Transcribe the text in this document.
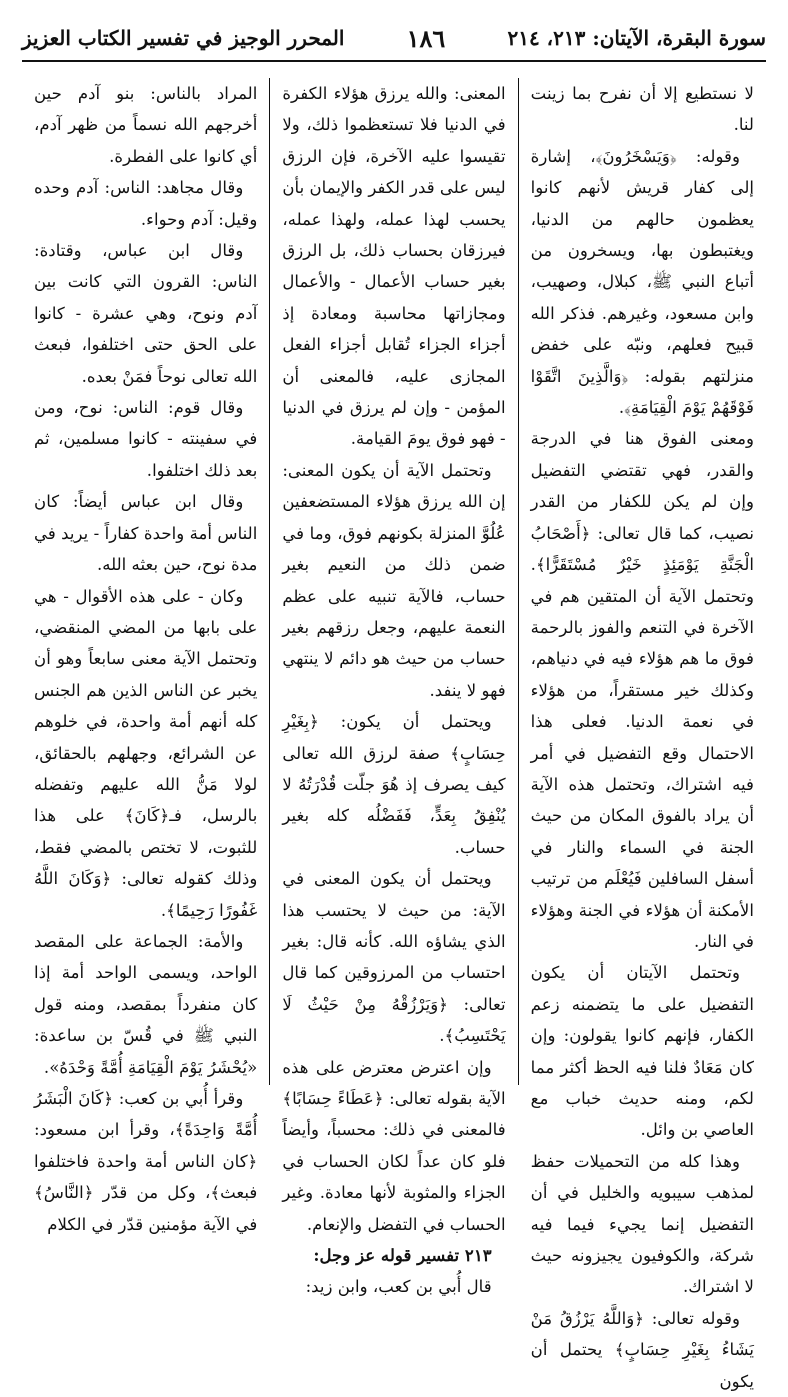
سورة البقرة، الآيتان: ٢١٣، ٢١٤
١٨٦
المحرر الوجيز في تفسير الكتاب العزيز

لا نستطيع إلا أن نفرح بما زينت لنا.

وقوله: ﴿وَيَسْخَرُونَ﴾، إشارة إلى كفار قريش لأنهم كانوا يعظمون حالهم من الدنيا، ويغتبطون بها، ويسخرون من أتباع النبي ﷺ، كبلال، وصهيب، وابن مسعود، وغيرهم. فذكر الله قبيح فعلهم، ونبّه على خفض منزلتهم بقوله: ﴿وَالَّذِينَ اتَّقَوْا فَوْقَهُمْ يَوْمَ الْقِيَامَةِ﴾.

ومعنى الفوق هنا في الدرجة والقدر، فهي تقتضي التفضيل وإن لم يكن للكفار من القدر نصيب، كما قال تعالى: ﴿أَصْحَابُ الْجَنَّةِ يَوْمَئِذٍ خَيْرٌ مُسْتَقَرًّا﴾. وتحتمل الآية أن المتقين هم في الآخرة في التنعم والفوز بالرحمة فوق ما هم هؤلاء فيه في دنياهم، وكذلك خير مستقراً، من هؤلاء في نعمة الدنيا. فعلى هذا الاحتمال وقع التفضيل في أمر فيه اشتراك، وتحتمل هذه الآية أن يراد بالفوق المكان من حيث الجنة في السماء والنار في أسفل السافلين فَيُعْلَم من ترتيب الأمكنة أن هؤلاء في الجنة وهؤلاء في النار.

وتحتمل الآيتان أن يكون التفضيل على ما يتضمنه زعم الكفار، فإنهم كانوا يقولون: وإن كان مَعَادٌ فلنا فيه الحظ أكثر مما لكم، ومنه حديث خباب مع العاصي بن وائل.

وهذا كله من التحميلات حفظ لمذهب سيبويه والخليل في أن التفضيل إنما يجيء فيما فيه شركة، والكوفيون يجيزونه حيث لا اشتراك.

وقوله تعالى: ﴿وَاللَّهُ يَرْزُقُ مَنْ يَشَاءُ بِغَيْرِ حِسَابٍ﴾ يحتمل أن يكون

المعنى: والله يرزق هؤلاء الكفرة في الدنيا فلا تستعظموا ذلك، ولا تقيسوا عليه الآخرة، فإن الرزق ليس على قدر الكفر والإيمان بأن يحسب لهذا عمله، ولهذا عمله، فيرزقان بحساب ذلك، بل الرزق بغير حساب الأعمال - والأعمال ومجازاتها محاسبة ومعادة إذ أجزاء الجزاء تُقابل أجزاء الفعل المجازى عليه، فالمعنى أن المؤمن - وإن لم يرزق في الدنيا - فهو فوق يومَ القيامة.

وتحتمل الآية أن يكون المعنى: إن الله يرزق هؤلاء المستضعفين عُلُوَّ المنزلة بكونهم فوق، وما في ضمن ذلك من النعيم بغير حساب، فالآية تنبيه على عظم النعمة عليهم، وجعل رزقهم بغير حساب من حيث هو دائم لا ينتهي فهو لا ينفد.

ويحتمل أن يكون: ﴿بِغَيْرِ حِسَابٍ﴾ صفة لرزق الله تعالى كيف يصرف إذ هُوَ جلّت قُدْرَتُهُ لا يُنْفِقُ بِعَدٍّ، فَفَضْلُه كله بغير حساب.

ويحتمل أن يكون المعنى في الآية: من حيث لا يحتسب هذا الذي يشاؤه الله. كأنه قال: بغير احتساب من المرزوقين كما قال تعالى: ﴿وَيَرْزُقْهُ مِنْ حَيْثُ لَا يَحْتَسِبُ﴾.

وإن اعترض معترض على هذه الآية بقوله تعالى: ﴿عَطَاءً حِسَابًا﴾ فالمعنى في ذلك: محسباً، وأيضاً فلو كان عداً لكان الحساب في الجزاء والمثوبة لأنها معادة. وغير الحساب في التفضل والإنعام.

٢١٣ تفسير قوله عز وجل:

قال أُبي بن كعب، وابن زيد:

المراد بالناس: بنو آدم حين أخرجهم الله نسماً من ظهر آدم، أي كانوا على الفطرة.

وقال مجاهد: الناس: آدم وحده وقيل: آدم وحواء.

وقال ابن عباس، وقتادة: الناس: القرون التي كانت بين آدم ونوح، وهي عشرة - كانوا على الحق حتى اختلفوا، فبعث الله تعالى نوحاً فمَنْ بعده.

وقال قوم: الناس: نوح، ومن في سفينته - كانوا مسلمين، ثم بعد ذلك اختلفوا.

وقال ابن عباس أيضاً: كان الناس أمة واحدة كفاراً - يريد في مدة نوح، حين بعثه الله.

وكان - على هذه الأقوال - هي على بابها من المضي المنقضي، وتحتمل الآية معنى سابعاً وهو أن يخبر عن الناس الذين هم الجنس كله أنهم أمة واحدة، في خلوهم عن الشرائع، وجهلهم بالحقائق، لولا مَنُّ الله عليهم وتفضله بالرسل، فـ﴿كَانَ﴾ على هذا للثبوت، لا تختص بالمضي فقط، وذلك كقوله تعالى: ﴿وَكَانَ اللَّهُ غَفُورًا رَحِيمًا﴾.

والأمة: الجماعة على المقصد الواحد، ويسمى الواحد أمة إذا كان منفرداً بمقصد، ومنه قول النبي ﷺ في قُسّ بن ساعدة: «يُحْشَرُ يَوْمَ الْقِيَامَةِ أُمَّةً وَحْدَهُ».

وقرأ أُبي بن كعب: ﴿كَانَ الْبَشَرُ أُمَّةً وَاحِدَةً﴾، وقرأ ابن مسعود: ﴿كان الناس أمة واحدة فاختلفوا فبعث﴾، وكل من قدّر ﴿النَّاسُ﴾ في الآية مؤمنين قدّر في الكلام
